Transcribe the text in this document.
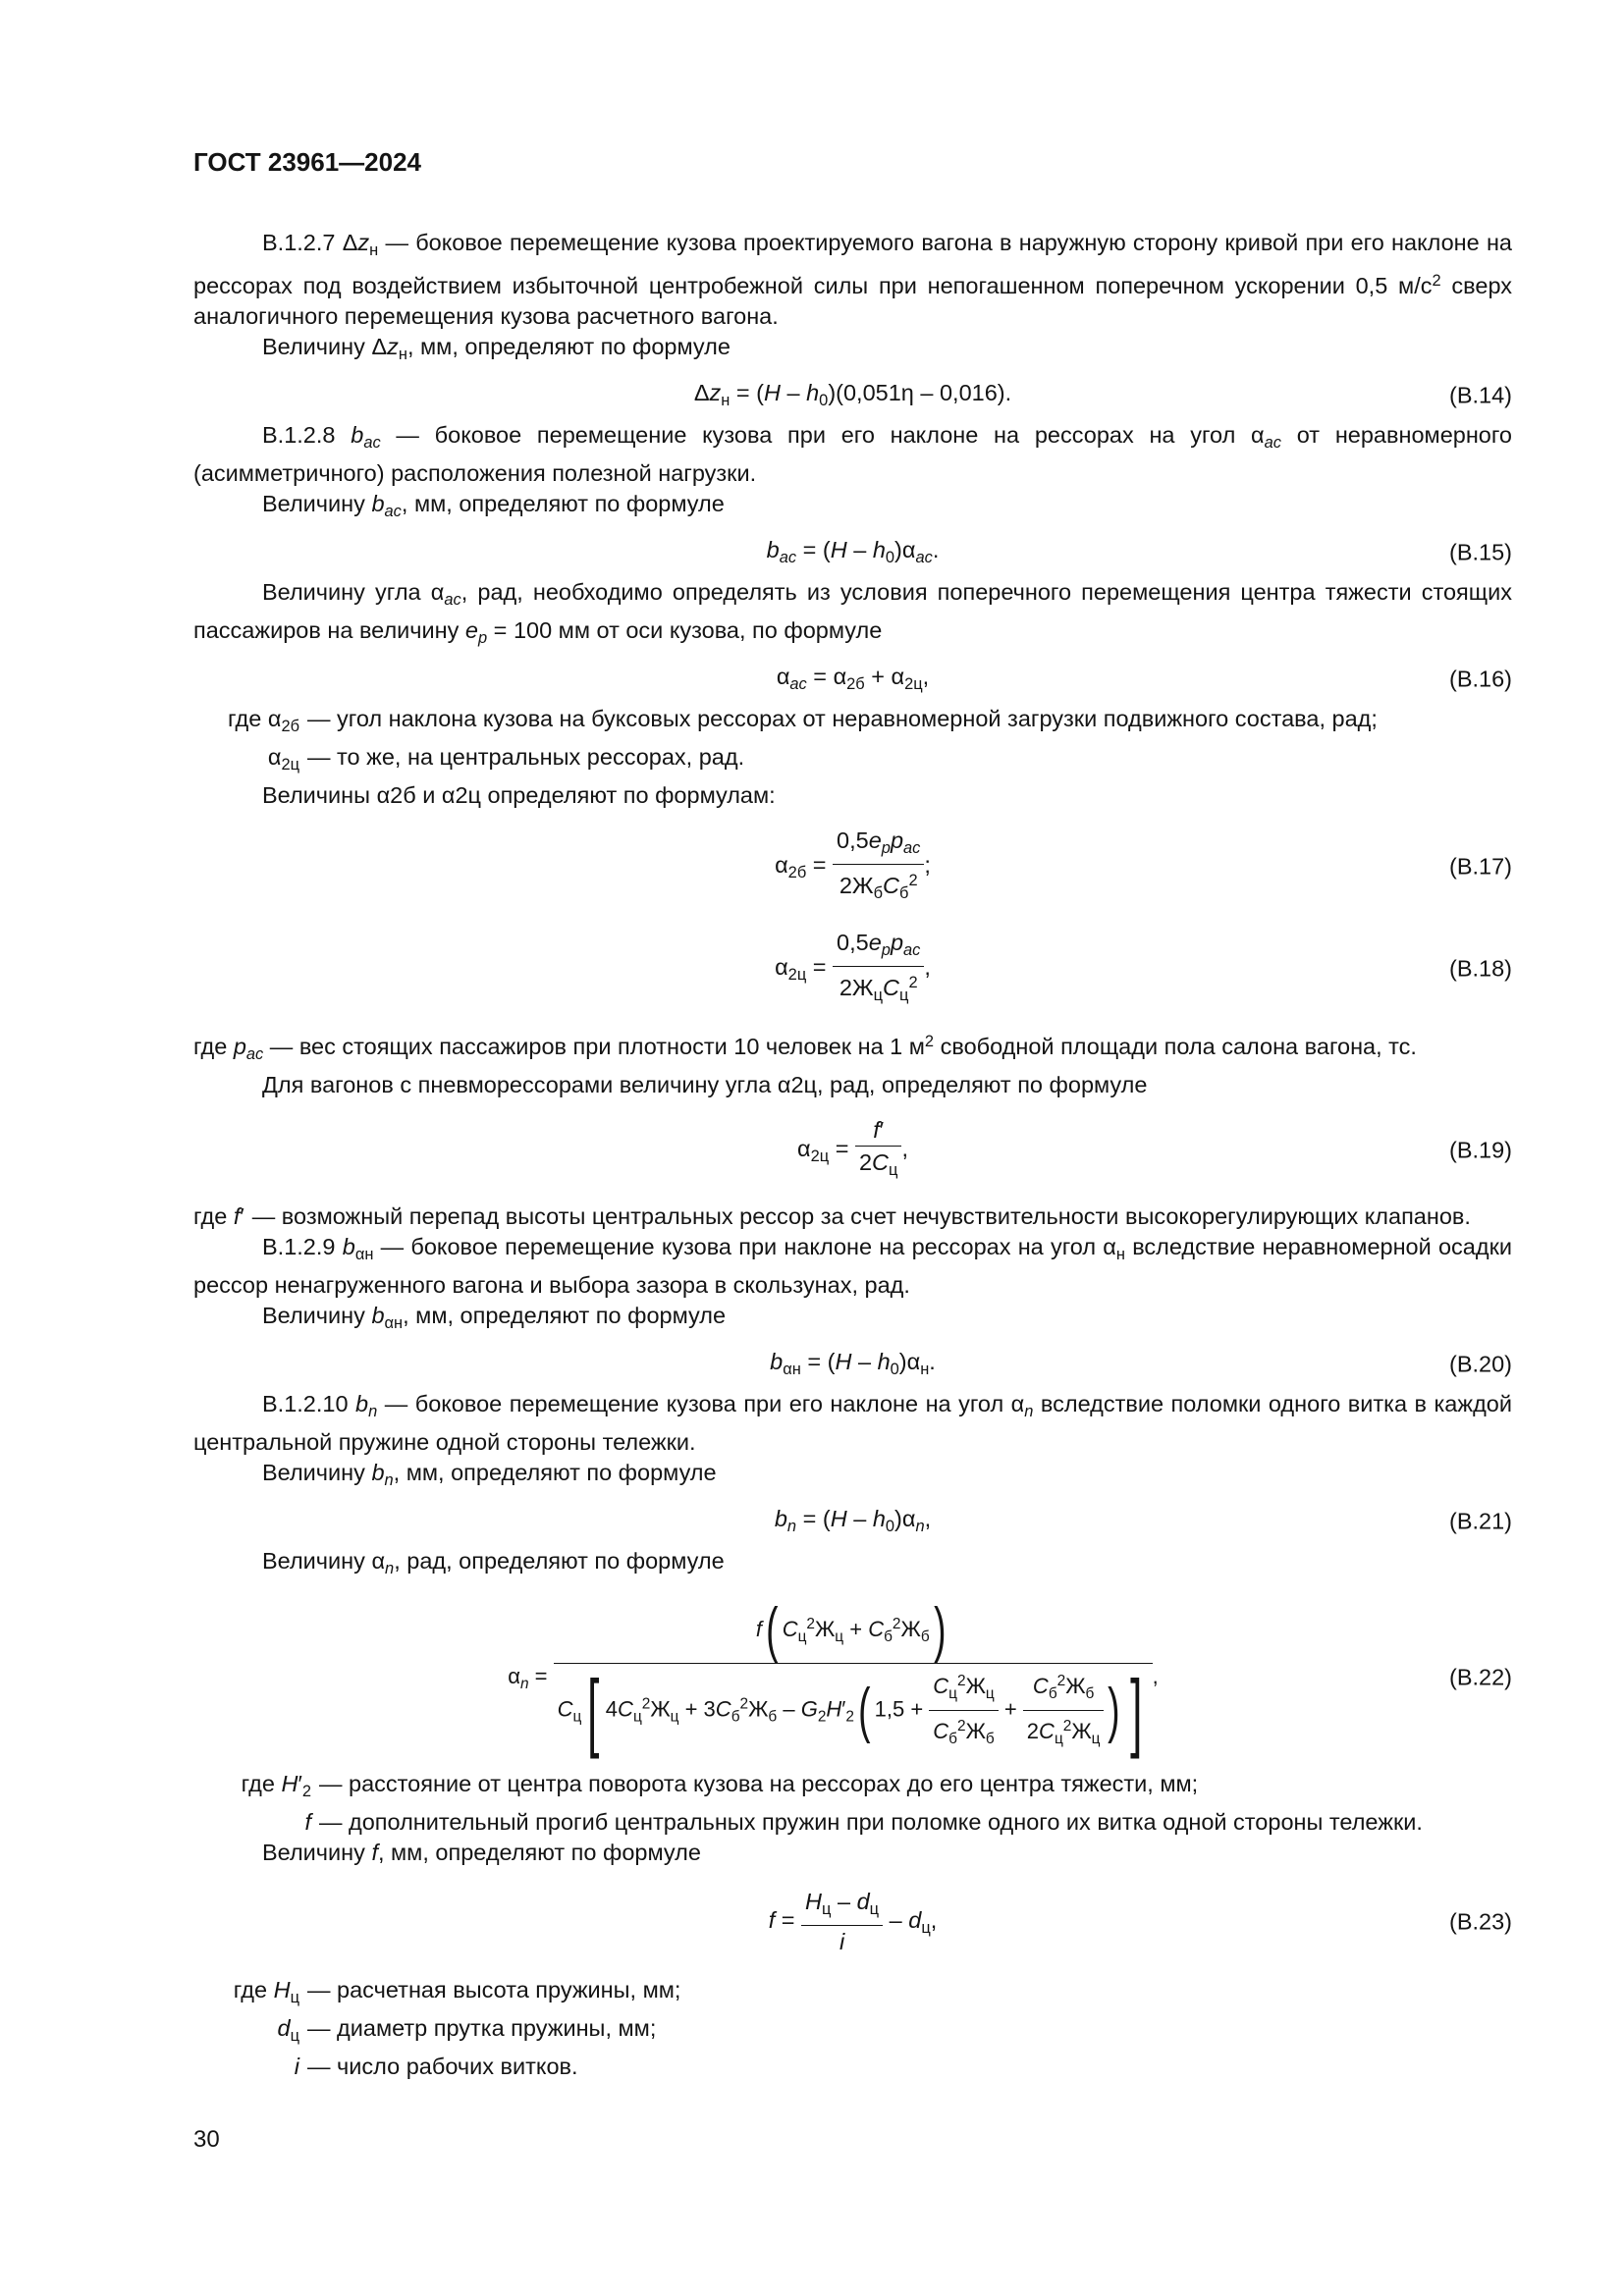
ГОСТ 23961—2024

В.1.2.7 $\Delta z_н$ — боковое перемещение кузова проектируемого вагона в наружную сторону кривой при его наклоне на рессорах под воздействием избыточной центробежной силы при непогашенном поперечном ускорении 0,5 $м/с^2$ сверх аналогичного перемещения кузова расчетного вагона.

Величину $\Delta z_н$, мм, определяют по формуле

$\Delta z_н = (H - h_0)(0,051\eta - 0,016)$.	(В.14)

В.1.2.8 $b_{ac}$ — боковое перемещение кузова при его наклоне на рессорах на угол $\alpha_{ac}$ от неравномерного (асимметричного) расположения полезной нагрузки.

Величину $b_{ac}$, мм, определяют по формуле

$b_{ac} = (H - h_0)\alpha_{ac}$.	(В.15)

Величину угла $\alpha_{ac}$, рад, необходимо определять из условия поперечного перемещения центра тяжести стоящих пассажиров на величину $e_p = 100$ мм от оси кузова, по формуле

$\alpha_{ac} = \alpha_{2б} + \alpha_{2ц}$,	(В.16)
где $\alpha_{2б}$ — угол наклона кузова на буксовых рессорах от неравномерной загрузки подвижного состава, рад;
$\alpha_{2ц}$ — то же, на центральных рессорах, рад.

Величины α2б и α2ц определяют по формулам:

$\alpha_{2б} = \frac{0,5e_pp_{ac}}{2Ж_бС_б^2}$ ;	(В.17)
$\alpha_{2ц} = \frac{0,5e_pp_{ac}}{2Ж_цС_ц^2}$ ,	(В.18)

где $p_{ac}$ — вес стоящих пассажиров при плотности 10 человек на 1 $м^2$ свободной площади пола салона вагона, тс.

Для вагонов с пневморессорами величину угла α2ц, рад, определяют по формуле

$\alpha_{2ц} = \frac{f'}{2С_ц}$ ,	(В.19)
где f′ — возможный перепад высоты центральных рессор за счет нечувствительности высокорегулирующих клапанов.

В.1.2.9 $b_{\alpha н}$ — боковое перемещение кузова при наклоне на рессорах на угол $\alpha_н$ вследствие неравномерной осадки рессор ненагруженного вагона и выбора зазора в скользунах, рад.

Величину $b_{\alpha н}$, мм, определяют по формуле

$b_{\alpha н} = (H - h_0)\alpha_н$.	(В.20)

В.1.2.10 $b_n$ — боковое перемещение кузова при его наклоне на угол $\alpha_n$ вследствие поломки одного витка в каждой центральной пружине одной стороны тележки.

Величину $b_n$, мм, определяют по формуле

$b_n = (H - h_0)\alpha_n$,	(В.21)

Величину $\alpha_n$, рад, определяют по формуле

$\alpha_n = \frac{f( C_ц^2Ж_ц + C_б^2Ж_б)}{C_ц[ 4C_ц^2Ж_ц + 3C_б^2Ж_б - G_2H'_2( 1,5 + \frac{C_ц^2Ж_ц}{C_б^2Ж_б} + \frac{C_б^2Ж_б}{2C_ц^2Ж_ц} ) ]}$ ,	(В.22)
где $H'_2$ — расстояние от центра поворота кузова на рессорах до его центра тяжести, мм;
f — дополнительный прогиб центральных пружин при поломке одного их витка одной стороны тележки.

Величину f, мм, определяют по формуле

$f = \frac{H_ц - d_ц}{i} - d_ц$,	(В.23)
где $H_ц$ — расчетная высота пружины, мм;
$d_ц$ — диаметр прутка пружины, мм;
i — число рабочих витков.
30
